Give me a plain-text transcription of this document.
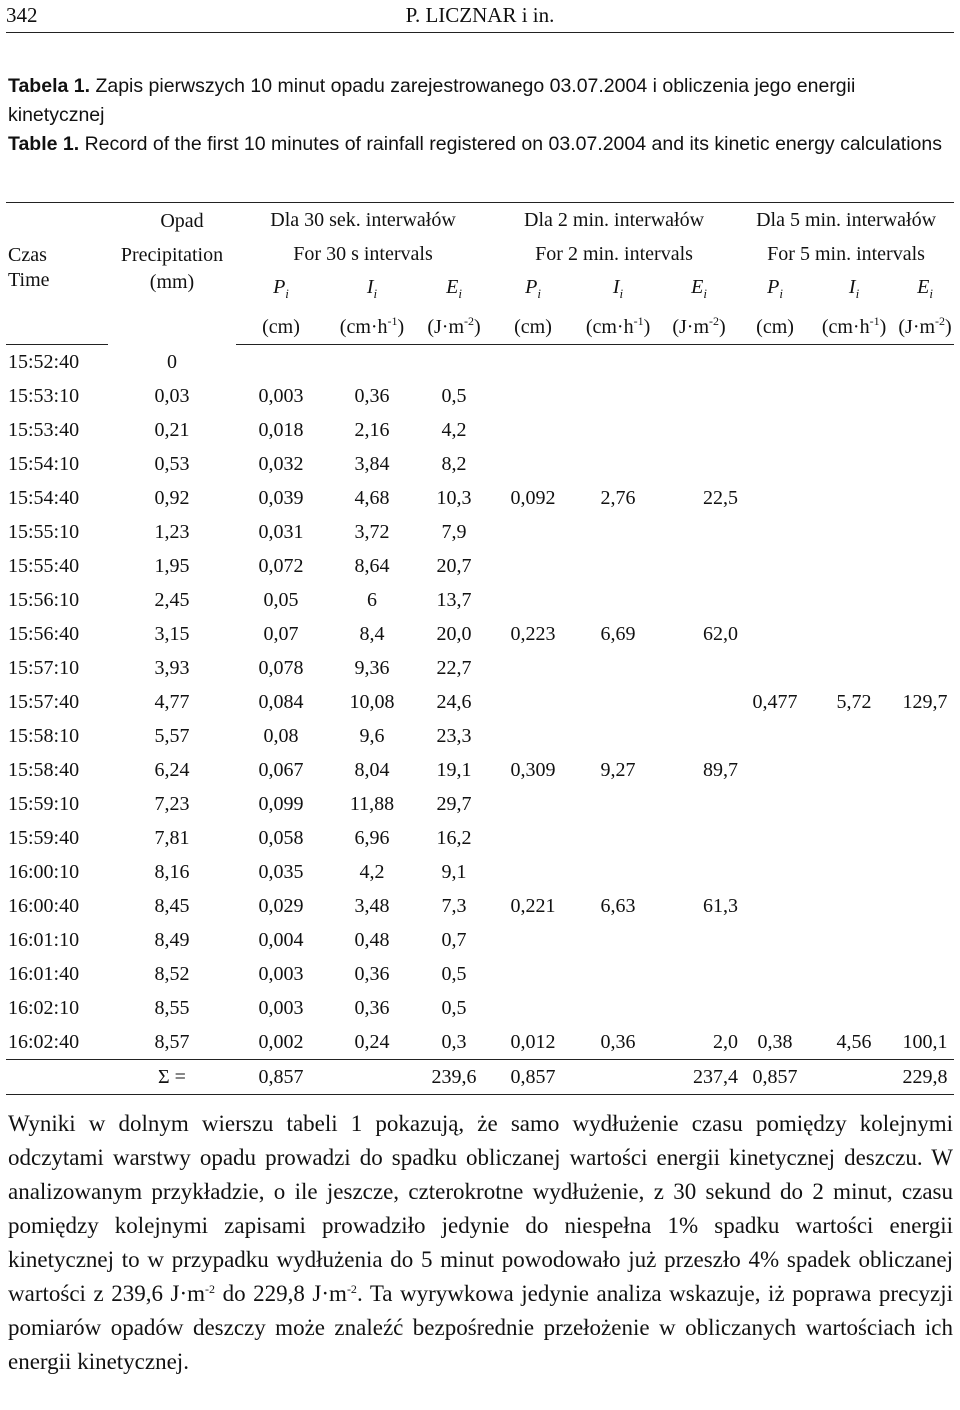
342	P. LICZNAR i in.
Tabela 1. Zapis pierwszych 10 minut opadu zarejestrowanego 03.07.2004 i obliczenia jego energii kinetycznej
Table 1. Record of the first 10 minutes of rainfall registered on 03.07.2004 and its kinetic energy calculations
Czas	Opad	Dla 30 sek. interwałów			Dla 2 min. interwałów			Dla 5 min. interwałów		
	Precipitation	For 30 s intervals			For 2 min. intervals			For 5 min. intervals		
Time	(mm)	$P_i$	$I_i$	$E_i$	$P_i$	$I_i$	$E_i$	$P_i$	$I_i$	$E_i$
		(cm)	$(cm\cdot h^{-1})$	$(J\cdot m^{-2})$	(cm)	$(cm\cdot h^{-1})$	$(J\cdot m^{-2})$	(cm)	$(cm\cdot h^{-1})$	$(J\cdot m^{-2})$
15:52:40	0									
15:53:10	0,03	0,003	0,36	0,5						
15:53:40	0,21	0,018	2,16	4,2						
15:54:10	0,53	0,032	3,84	8,2						
15:54:40	0,92	0,039	4,68	10,3	0,092	2,76	22,5			
15:55:10	1,23	0,031	3,72	7,9						
15:55:40	1,95	0,072	8,64	20,7						
15:56:10	2,45	0,05	6	13,7						
15:56:40	3,15	0,07	8,4	20,0	0,223	6,69	62,0			
15:57:10	3,93	0,078	9,36	22,7						
15:57:40	4,77	0,084	10,08	24,6				0,477	5,72	129,7
15:58:10	5,57	0,08	9,6	23,3						
15:58:40	6,24	0,067	8,04	19,1	0,309	9,27	89,7			
15:59:10	7,23	0,099	11,88	29,7						
15:59:40	7,81	0,058	6,96	16,2						
16:00:10	8,16	0,035	4,2	9,1						
16:00:40	8,45	0,029	3,48	7,3	0,221	6,63	61,3			
16:01:10	8,49	0,004	0,48	0,7						
16:01:40	8,52	0,003	0,36	0,5						
16:02:10	8,55	0,003	0,36	0,5						
16:02:40	8,57	0,002	0,24	0,3	0,012	0,36	2,0	0,38	4,56	100,1
	Σ =	0,857		239,6	0,857		237,4	0,857		229,8

Wyniki w dolnym wierszu tabeli 1 pokazują, że samo wydłużenie czasu pomiędzy kolejnymi odczytami warstwy opadu prowadzi do spadku obliczanej wartości energii kinetycznej deszczu. W analizowanym przykładzie, o ile jeszcze, czterokrotne wydłużenie, z 30 sekund do 2 minut, czasu pomiędzy kolejnymi zapisami prowadziło jedynie do niespełna 1% spadku wartości energii kinetycznej to w przypadku wydłużenia do 5 minut powodowało już przeszło 4% spadek obliczanej wartości z 239,6 $J\cdot m^{-2}$ do 229,8 $J\cdot m^{-2}$. Ta wyrywkowa jedynie analiza wskazuje, iż poprawa precyzji pomiarów opadów deszczy może znaleźć bezpośrednie przełożenie w obliczanych wartościach ich energii kinetycznej.
